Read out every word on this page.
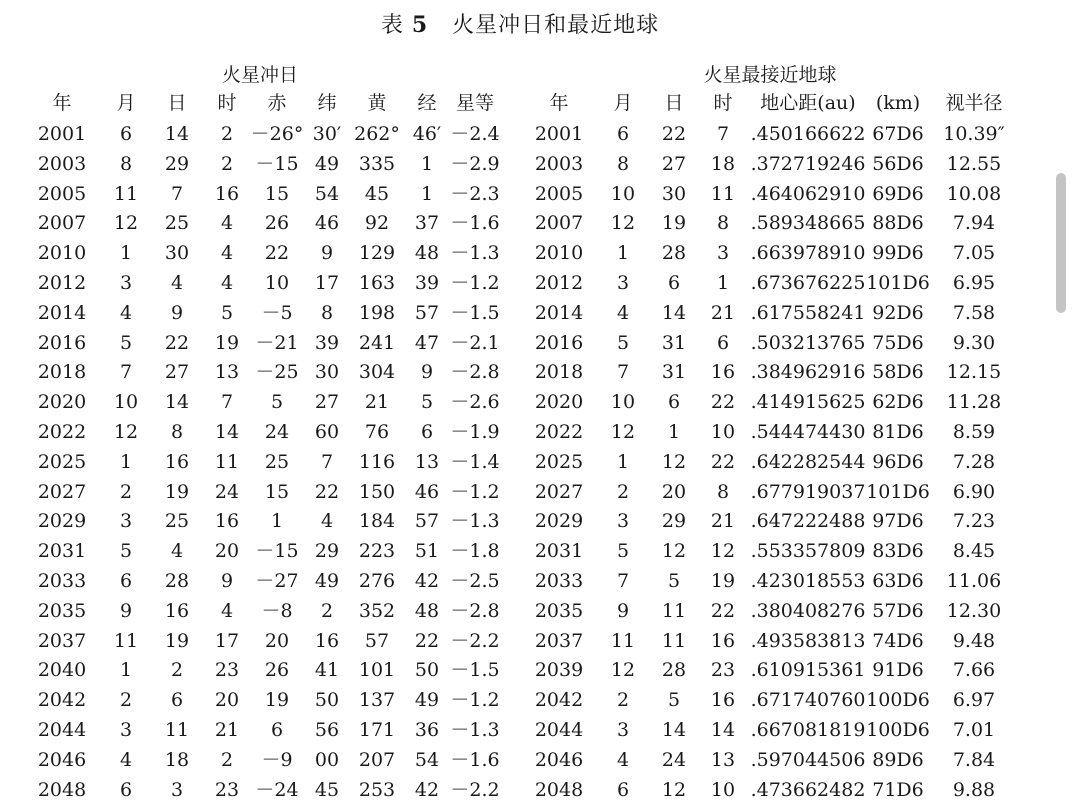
表 5 火星冲日和最近地球
火星冲日	火星最接近地球
年 月 日 时 赤 纬 黄 经 星等	年 月 日 时 地心距(au) (km) 视半径
2001 6 14 2 －26° 30′ 262° 46′ －2.4 2001 6 22 7 .450166622 67D6 10.39″
2003 8 29 2 －15 49 335 1 －2.9 2003 8 27 18 .372719246 56D6 12.55
2005 11 7 16 15 54 45 1 －2.3 2005 10 30 11 .464062910 69D6 10.08
2007 12 25 4 26 46 92 37 －1.6 2007 12 19 8 .589348665 88D6 7.94
2010 1 30 4 22 9 129 48 －1.3 2010 1 28 3 .663978910 99D6 7.05
2012 3 4 4 10 17 163 39 －1.2 2012 3 6 1 .673676225 101D6 6.95
2014 4 9 5 －5 8 198 57 －1.5 2014 4 14 21 .617558241 92D6 7.58
2016 5 22 19 －21 39 241 47 －2.1 2016 5 31 6 .503213765 75D6 9.30
2018 7 27 13 －25 30 304 9 －2.8 2018 7 31 16 .384962916 58D6 12.15
2020 10 14 7 5 27 21 5 －2.6 2020 10 6 22 .414915625 62D6 11.28
2022 12 8 14 24 60 76 6 －1.9 2022 12 1 10 .544474430 81D6 8.59
2025 1 16 11 25 7 116 13 －1.4 2025 1 12 22 .642282544 96D6 7.28
2027 2 19 24 15 22 150 46 －1.2 2027 2 20 8 .677919037 101D6 6.90
2029 3 25 16 1 4 184 57 －1.3 2029 3 29 21 .647222488 97D6 7.23
2031 5 4 20 －15 29 223 51 －1.8 2031 5 12 12 .553357809 83D6 8.45
2033 6 28 9 －27 49 276 42 －2.5 2033 7 5 19 .423018553 63D6 11.06
2035 9 16 4 －8 2 352 48 －2.8 2035 9 11 22 .380408276 57D6 12.30
2037 11 19 17 20 16 57 22 －2.2 2037 11 11 16 .493583813 74D6 9.48
2040 1 2 23 26 41 101 50 －1.5 2039 12 28 23 .610915361 91D6 7.66
2042 2 6 20 19 50 137 49 －1.2 2042 2 5 16 .671740760 100D6 6.97
2044 3 11 21 6 56 171 36 －1.3 2044 3 14 14 .667081819 100D6 7.01
2046 4 18 2 －9 00 207 54 －1.6 2046 4 24 13 .597044506 89D6 7.84
2048 6 3 23 －24 45 253 42 －2.2 2048 6 12 10 .473662482 71D6 9.88
